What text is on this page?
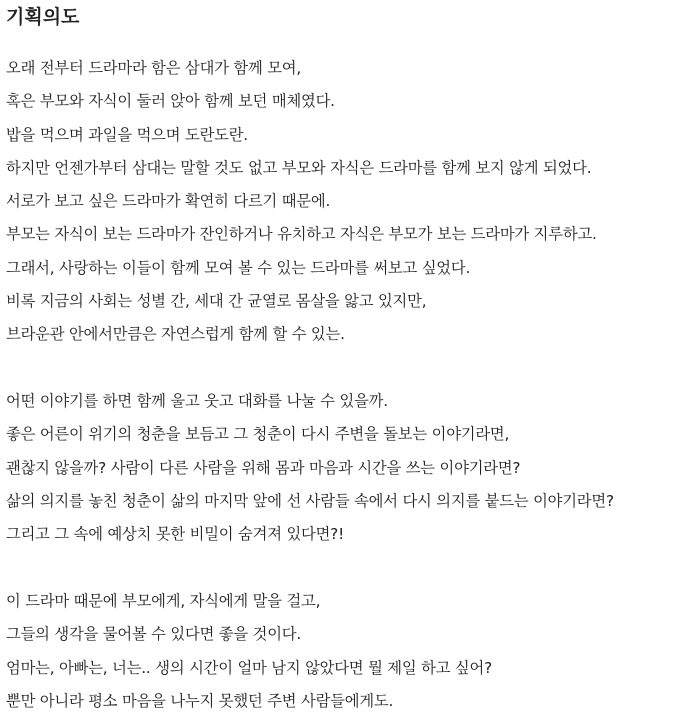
기획의도
오래 전부터 드라마라 함은 삼대가 함께 모여,
혹은 부모와 자식이 둘러 앉아 함께 보던 매체였다.
밥을 먹으며 과일을 먹으며 도란도란.
하지만 언젠가부터 삼대는 말할 것도 없고 부모와 자식은 드라마를 함께 보지 않게 되었다.
서로가 보고 싶은 드라마가 확연히 다르기 때문에.
부모는 자식이 보는 드라마가 잔인하거나 유치하고 자식은 부모가 보는 드라마가 지루하고.
그래서, 사랑하는 이들이 함께 모여 볼 수 있는 드라마를 써보고 싶었다.
비록 지금의 사회는 성별 간, 세대 간 균열로 몸살을 앓고 있지만,
브라운관 안에서만큼은 자연스럽게 함께 할 수 있는.
어떤 이야기를 하면 함께 울고 웃고 대화를 나눌 수 있을까.
좋은 어른이 위기의 청춘을 보듬고 그 청춘이 다시 주변을 돌보는 이야기라면,
괜찮지 않을까? 사람이 다른 사람을 위해 몸과 마음과 시간을 쓰는 이야기라면?
삶의 의지를 놓친 청춘이 삶의 마지막 앞에 선 사람들 속에서 다시 의지를 붙드는 이야기라면?
그리고 그 속에 예상치 못한 비밀이 숨겨져 있다면?!
이 드라마 때문에 부모에게, 자식에게 말을 걸고,
그들의 생각을 물어볼 수 있다면 좋을 것이다.
엄마는, 아빠는, 너는.. 생의 시간이 얼마 남지 않았다면 뭘 제일 하고 싶어?
뿐만 아니라 평소 마음을 나누지 못했던 주변 사람들에게도.
